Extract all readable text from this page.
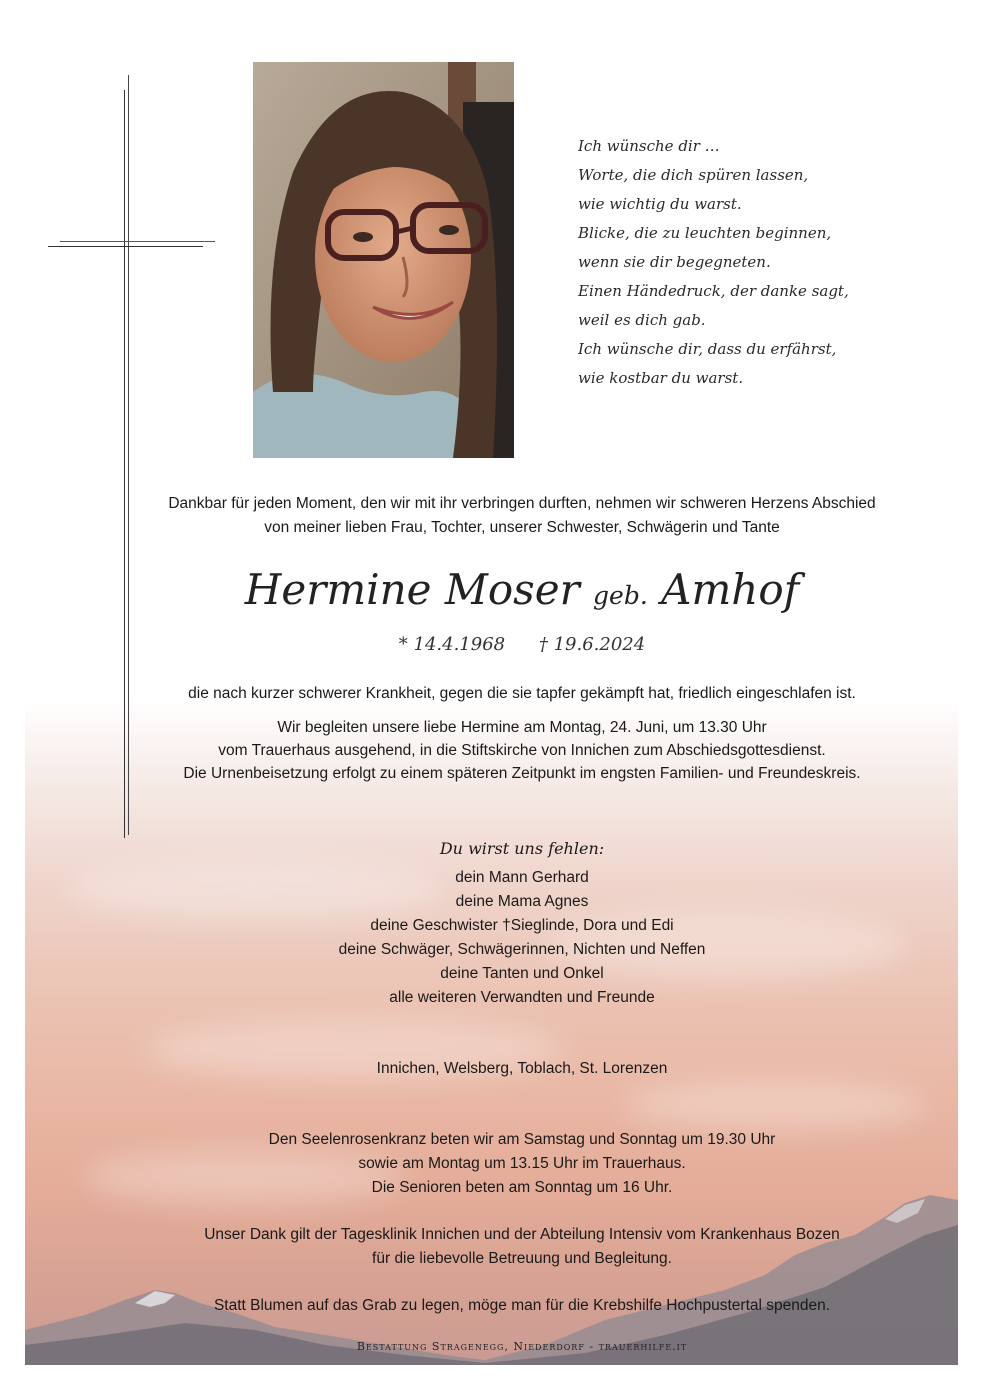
Ich wünsche dir …

Worte, die dich spüren lassen,

wie wichtig du warst.

Blicke, die zu leuchten beginnen,

wenn sie dir begegneten.

Einen Händedruck, der danke sagt,

weil es dich gab.

Ich wünsche dir, dass du erfährst,

wie kostbar du warst.

Dankbar für jeden Moment, den wir mit ihr verbringen durften, nehmen wir schweren Herzens Abschied
von meiner lieben Frau, Tochter, unserer Schwester, Schwägerin und Tante
Hermine Moser geb. Amhof
* 14.4.1968 † 19.6.2024
die nach kurzer schwerer Krankheit, gegen die sie tapfer gekämpft hat, friedlich eingeschlafen ist.
Wir begleiten unsere liebe Hermine am Montag, 24. Juni, um 13.30 Uhr
vom Trauerhaus ausgehend, in die Stiftskirche von Innichen zum Abschiedsgottesdienst.
Die Urnenbeisetzung erfolgt zu einem späteren Zeitpunkt im engsten Familien- und Freundeskreis.
Du wirst uns fehlen:
dein Mann Gerhard
deine Mama Agnes
deine Geschwister †Sieglinde, Dora und Edi
deine Schwäger, Schwägerinnen, Nichten und Neffen
deine Tanten und Onkel
alle weiteren Verwandten und Freunde
Innichen, Welsberg, Toblach, St. Lorenzen
Den Seelenrosenkranz beten wir am Samstag und Sonntag um 19.30 Uhr
sowie am Montag um 13.15 Uhr im Trauerhaus.
Die Senioren beten am Sonntag um 16 Uhr.
Unser Dank gilt der Tagesklinik Innichen und der Abteilung Intensiv vom Krankenhaus Bozen
für die liebevolle Betreuung und Begleitung.
Statt Blumen auf das Grab zu legen, möge man für die Krebshilfe Hochpustertal spenden.
Bestattung Stragenegg, Niederdorf - trauerhilfe.it
